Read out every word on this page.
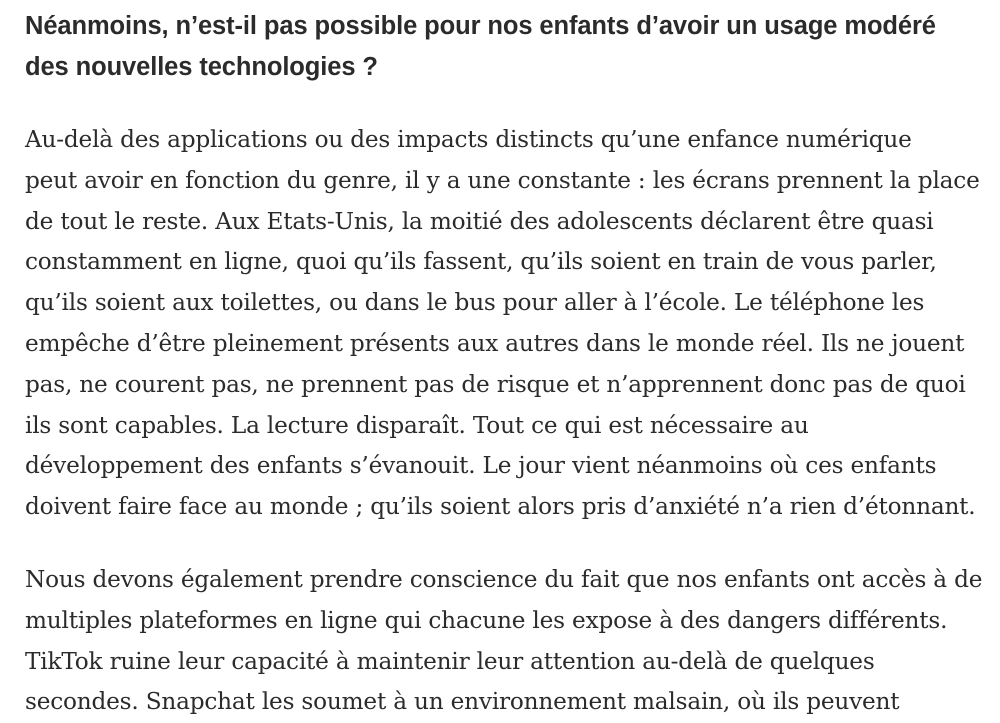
Néanmoins, n’est-il pas possible pour nos enfants d’avoir un usage modéré
des nouvelles technologies ?

Au-delà des applications ou des impacts distincts qu’une enfance numérique
peut avoir en fonction du genre, il y a une constante : les écrans prennent la place
de tout le reste. Aux Etats-Unis, la moitié des adolescents déclarent être quasi
constamment en ligne, quoi qu’ils fassent, qu’ils soient en train de vous parler,
qu’ils soient aux toilettes, ou dans le bus pour aller à l’école. Le téléphone les
empêche d’être pleinement présents aux autres dans le monde réel. Ils ne jouent
pas, ne courent pas, ne prennent pas de risque et n’apprennent donc pas de quoi
ils sont capables. La lecture disparaît. Tout ce qui est nécessaire au
développement des enfants s’évanouit. Le jour vient néanmoins où ces enfants
doivent faire face au monde ; qu’ils soient alors pris d’anxiété n’a rien d’étonnant.

Nous devons également prendre conscience du fait que nos enfants ont accès à de
multiples plateformes en ligne qui chacune les expose à des dangers différents.
TikTok ruine leur capacité à maintenir leur attention au-delà de quelques
secondes. Snapchat les soumet à un environnement malsain, où ils peuvent
